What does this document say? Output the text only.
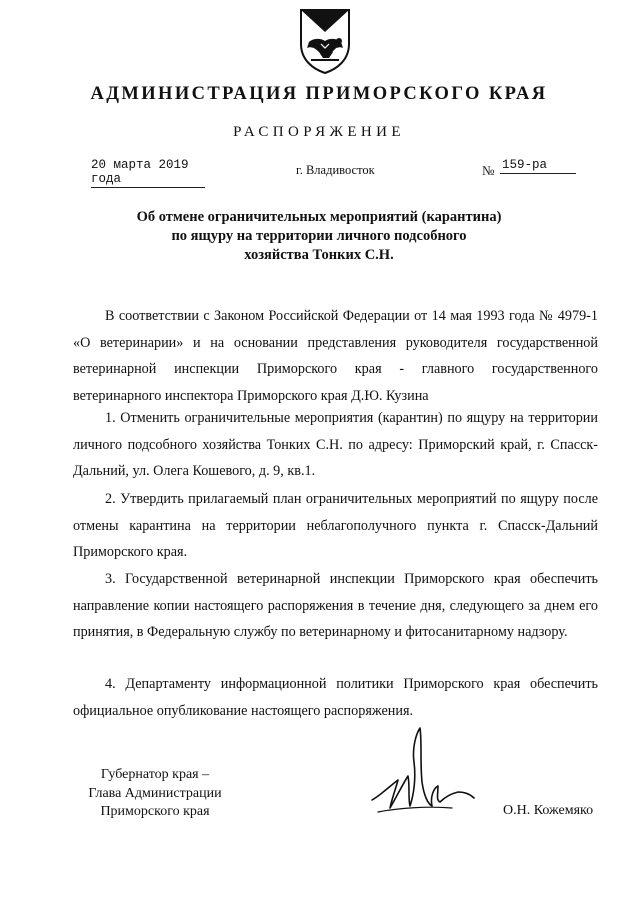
АДМИНИСТРАЦИЯ ПРИМОРСКОГО КРАЯ
РАСПОРЯЖЕНИЕ
20 марта 2019 года
г. Владивосток	№ 159-ра
Об отмене ограничительных мероприятий (карантина)
по ящуру на территории личного подсобного
хозяйства Тонких С.Н.

В соответствии с Законом Российской Федерации от 14 мая 1993 года № 4979-1 «О ветеринарии» и на основании представления руководителя государственной ветеринарной инспекции Приморского края - главного государственного ветеринарного инспектора Приморского края Д.Ю. Кузина

1. Отменить ограничительные мероприятия (карантин) по ящуру на территории личного подсобного хозяйства Тонких С.Н. по адресу: Приморский край, г. Спасск-Дальний, ул. Олега Кошевого, д. 9, кв.1.

2. Утвердить прилагаемый план ограничительных мероприятий по ящуру после отмены карантина на территории неблагополучного пункта г. Спасск-Дальний Приморского края.

3. Государственной ветеринарной инспекции Приморского края обеспечить направление копии настоящего распоряжения в течение дня, следующего за днем его принятия, в Федеральную службу по ветеринарному и фитосанитарному надзору.

4. Департаменту информационной политики Приморского края обеспечить официальное опубликование настоящего распоряжения.

Губернатор края –
Глава Администрации
Приморского края	О.Н. Кожемяко
